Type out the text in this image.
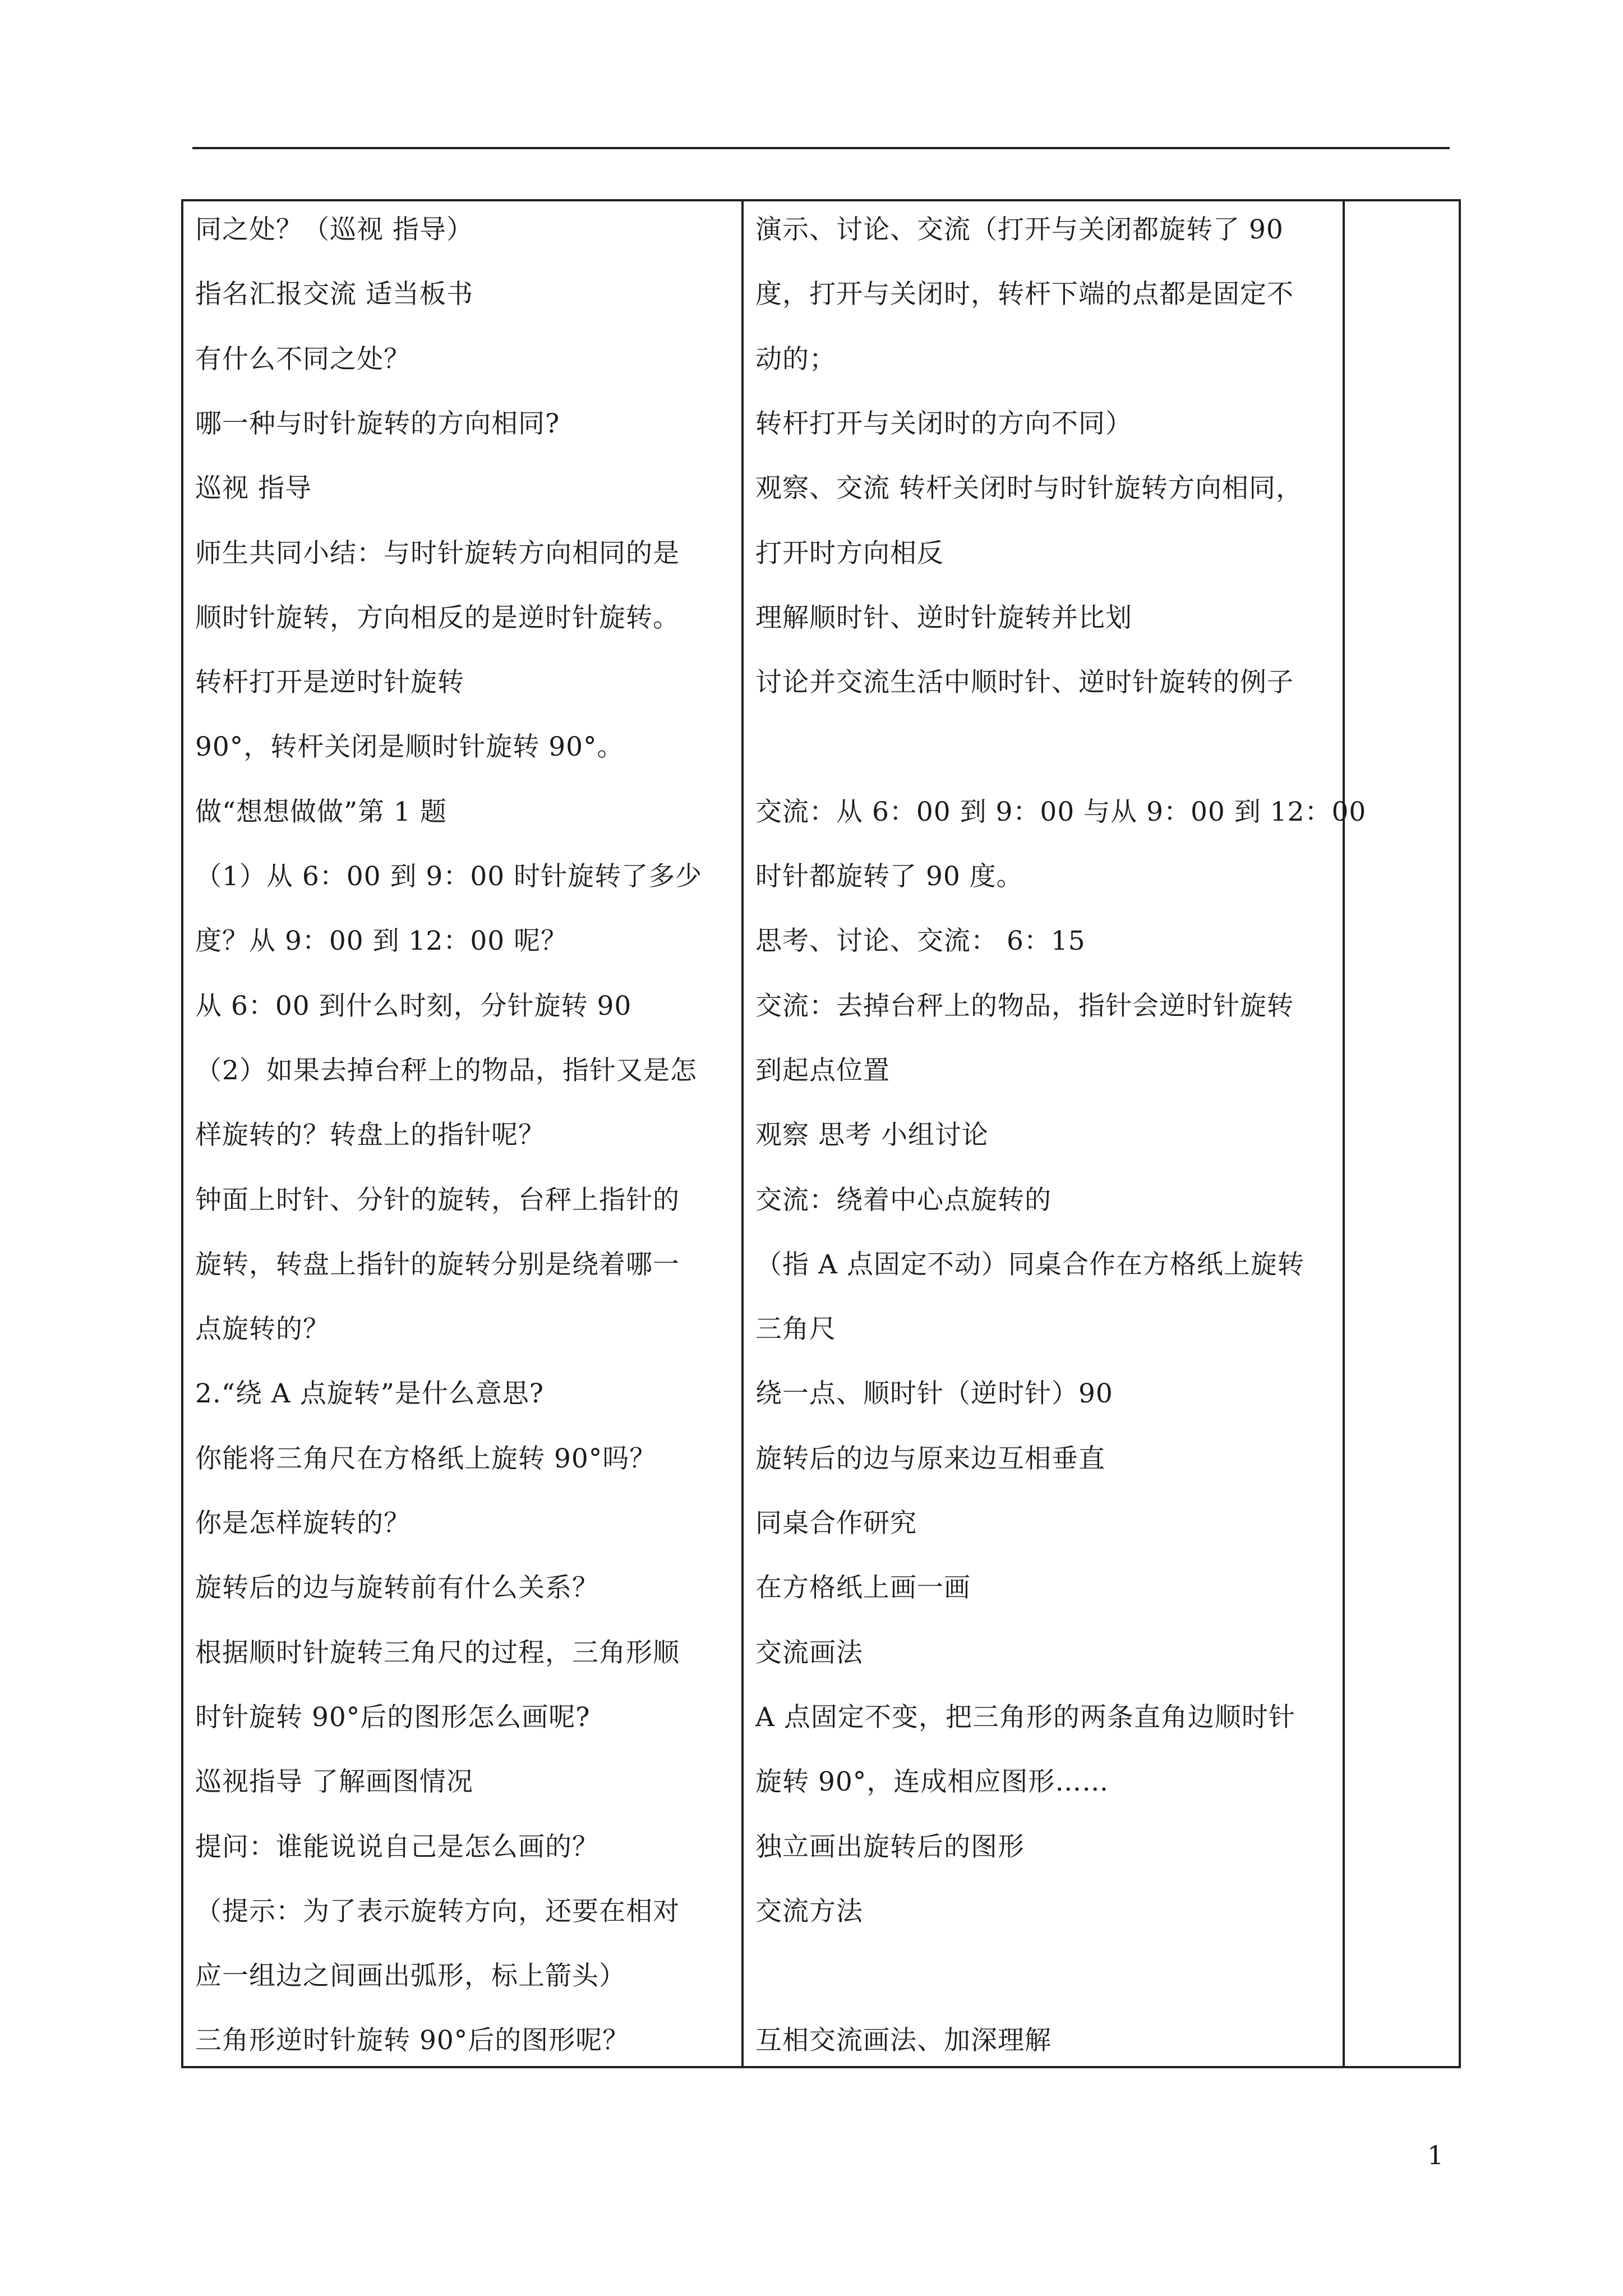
同之处？（巡视 指导）
指名汇报交流 适当板书
有什么不同之处？
哪一种与时针旋转的方向相同?
巡视 指导
师生共同小结：与时针旋转方向相同的是
顺时针旋转，方向相反的是逆时针旋转。
转杆打开是逆时针旋转
90°，转杆关闭是顺时针旋转 90°。
做“想想做做”第 1 题
（1）从 6：00 到 9：00 时针旋转了多少
度？从 9：00 到 12：00 呢？
从 6：00 到什么时刻，分针旋转 90
（2）如果去掉台秤上的物品，指针又是怎
样旋转的？转盘上的指针呢？
钟面上时针、分针的旋转，台秤上指针的
旋转，转盘上指针的旋转分别是绕着哪一
点旋转的？
2.“绕 A 点旋转”是什么意思?
你能将三角尺在方格纸上旋转 90°吗？
你是怎样旋转的？
旋转后的边与旋转前有什么关系？
根据顺时针旋转三角尺的过程，三角形顺
时针旋转 90°后的图形怎么画呢?
巡视指导 了解画图情况
提问：谁能说说自己是怎么画的？
（提示：为了表示旋转方向，还要在相对
应一组边之间画出弧形，标上箭头）
三角形逆时针旋转 90°后的图形呢？
演示、讨论、交流（打开与关闭都旋转了 90
度，打开与关闭时，转杆下端的点都是固定不
动的；
转杆打开与关闭时的方向不同）
观察、交流 转杆关闭时与时针旋转方向相同，
打开时方向相反
理解顺时针、逆时针旋转并比划
讨论并交流生活中顺时针、逆时针旋转的例子
交流：从 6：00 到 9：00 与从 9：00 到 12：00
时针都旋转了 90 度。
思考、讨论、交流： 6：15
交流：去掉台秤上的物品，指针会逆时针旋转
到起点位置
观察 思考 小组讨论
交流：绕着中心点旋转的
（指 A 点固定不动）同桌合作在方格纸上旋转
三角尺
绕一点、顺时针（逆时针）90
旋转后的边与原来边互相垂直
同桌合作研究
在方格纸上画一画
交流画法
A 点固定不变，把三角形的两条直角边顺时针
旋转 90°，连成相应图形……
独立画出旋转后的图形
交流方法
互相交流画法、加深理解
1
